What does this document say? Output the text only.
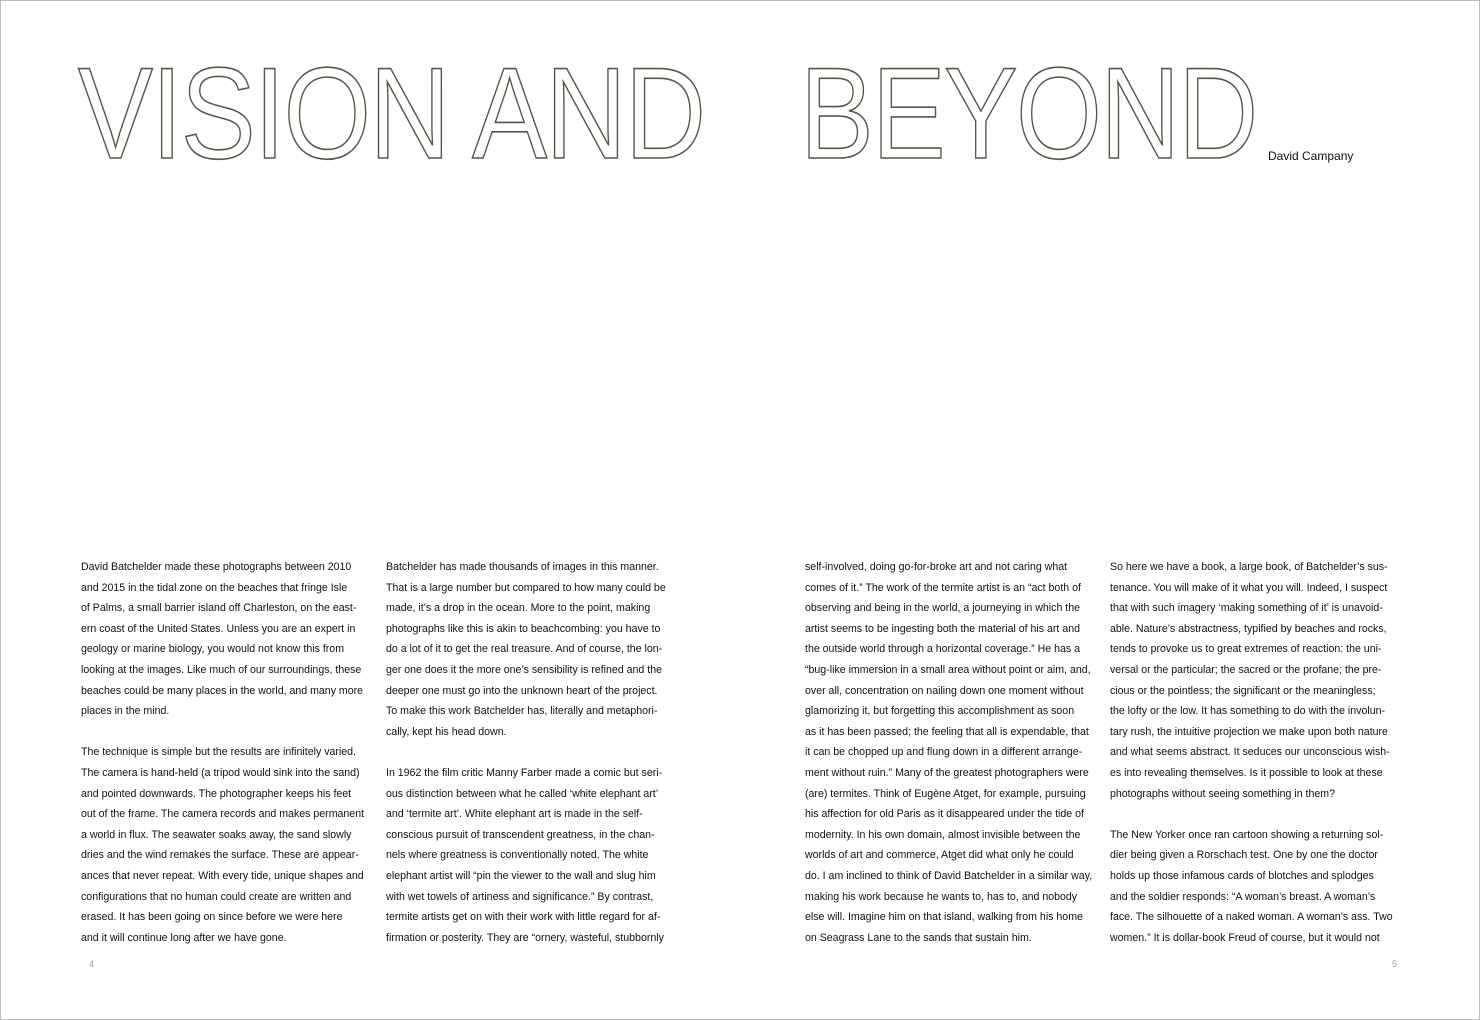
VISION AND BEYOND David Campany

David Batchelder made these photographs between 2010
and 2015 in the tidal zone on the beaches that fringe Isle
of Palms, a small barrier island off Charleston, on the east-
ern coast of the United States. Unless you are an expert in
geology or marine biology, you would not know this from
looking at the images. Like much of our surroundings, these
beaches could be many places in the world, and many more
places in the mind.

The technique is simple but the results are infinitely varied.
The camera is hand-held (a tripod would sink into the sand)
and pointed downwards. The photographer keeps his feet
out of the frame. The camera records and makes permanent
a world in flux. The seawater soaks away, the sand slowly
dries and the wind remakes the surface. These are appear-
ances that never repeat. With every tide, unique shapes and
configurations that no human could create are written and
erased. It has been going on since before we were here
and it will continue long after we have gone.

Batchelder has made thousands of images in this manner.
That is a large number but compared to how many could be
made, it’s a drop in the ocean. More to the point, making
photographs like this is akin to beachcombing: you have to
do a lot of it to get the real treasure. And of course, the lon-
ger one does it the more one’s sensibility is refined and the
deeper one must go into the unknown heart of the project.
To make this work Batchelder has, literally and metaphori-
cally, kept his head down.

In 1962 the film critic Manny Farber made a comic but seri-
ous distinction between what he called ‘white elephant art’
and ‘termite art’. White elephant art is made in the self-
conscious pursuit of transcendent greatness, in the chan-
nels where greatness is conventionally noted. The white
elephant artist will “pin the viewer to the wall and slug him
with wet towels of artiness and significance.” By contrast,
termite artists get on with their work with little regard for af-
firmation or posterity. They are “ornery, wasteful, stubbornly

self-involved, doing go-for-broke art and not caring what
comes of it.” The work of the termite artist is an “act both of
observing and being in the world, a journeying in which the
artist seems to be ingesting both the material of his art and
the outside world through a horizontal coverage.” He has a
“bug-like immersion in a small area without point or aim, and,
over all, concentration on nailing down one moment without
glamorizing it, but forgetting this accomplishment as soon
as it has been passed; the feeling that all is expendable, that
it can be chopped up and flung down in a different arrange-
ment without ruin.” Many of the greatest photographers were
(are) termites. Think of Eugène Atget, for example, pursuing
his affection for old Paris as it disappeared under the tide of
modernity. In his own domain, almost invisible between the
worlds of art and commerce, Atget did what only he could
do. I am inclined to think of David Batchelder in a similar way,
making his work because he wants to, has to, and nobody
else will. Imagine him on that island, walking from his home
on Seagrass Lane to the sands that sustain him.

So here we have a book, a large book, of Batchelder’s sus-
tenance. You will make of it what you will. Indeed, I suspect
that with such imagery ‘making something of it’ is unavoid-
able. Nature’s abstractness, typified by beaches and rocks,
tends to provoke us to great extremes of reaction: the uni-
versal or the particular; the sacred or the profane; the pre-
cious or the pointless; the significant or the meaningless;
the lofty or the low. It has something to do with the involun-
tary rush, the intuitive projection we make upon both nature
and what seems abstract. It seduces our unconscious wish-
es into revealing themselves. Is it possible to look at these
photographs without seeing something in them?

The New Yorker once ran cartoon showing a returning sol-
dier being given a Rorschach test. One by one the doctor
holds up those infamous cards of blotches and splodges
and the soldier responds: “A woman’s breast. A woman’s
face. The silhouette of a naked woman. A woman’s ass. Two
women.” It is dollar-book Freud of course, but it would not

4	5
